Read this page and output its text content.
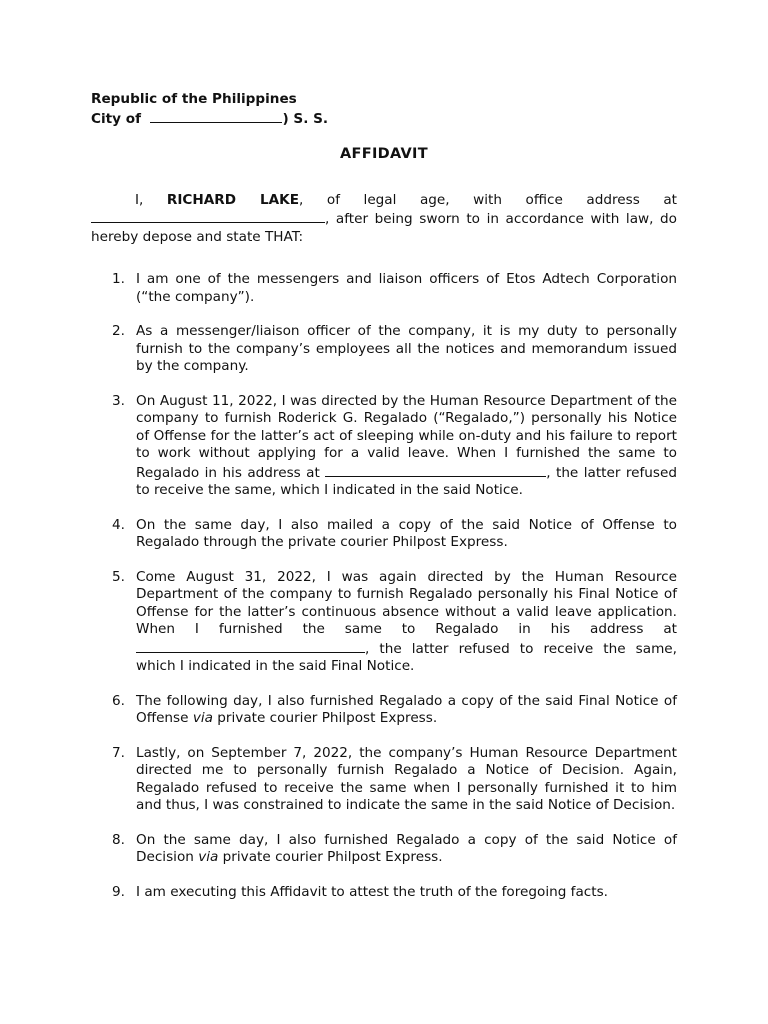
Republic of the Philippines
City of	) S. S.
AFFIDAVIT
I, RICHARD LAKE, of legal age, with office address at , after being sworn to in accordance with law, do hereby depose and state THAT:
1. I am one of the messengers and liaison officers of Etos Adtech Corporation (“the company”).
2. As a messenger/liaison officer of the company, it is my duty to personally furnish to the company’s employees all the notices and memorandum issued by the company.
3. On August 11, 2022, I was directed by the Human Resource Department of the company to furnish Roderick G. Regalado (“Regalado,”) personally his Notice of Offense for the latter’s act of sleeping while on-duty and his failure to report to work without applying for a valid leave. When I furnished the same to Regalado in his address at	, the latter refused to receive the same, which I indicated in the said Notice.
4. On the same day, I also mailed a copy of the said Notice of Offense to Regalado through the private courier Philpost Express.
5. Come August 31, 2022, I was again directed by the Human Resource Department of the company to furnish Regalado personally his Final Notice of Offense for the latter’s continuous absence without a valid leave application. When I furnished the same to Regalado in his address at , the latter refused to receive the same, which I indicated in the said Final Notice.
6. The following day, I also furnished Regalado a copy of the said Final Notice of Offense via private courier Philpost Express.
7. Lastly, on September 7, 2022, the company’s Human Resource Department directed me to personally furnish Regalado a Notice of Decision. Again, Regalado refused to receive the same when I personally furnished it to him and thus, I was constrained to indicate the same in the said Notice of Decision.
8. On the same day, I also furnished Regalado a copy of the said Notice of Decision via private courier Philpost Express.
9. I am executing this Affidavit to attest the truth of the foregoing facts.
